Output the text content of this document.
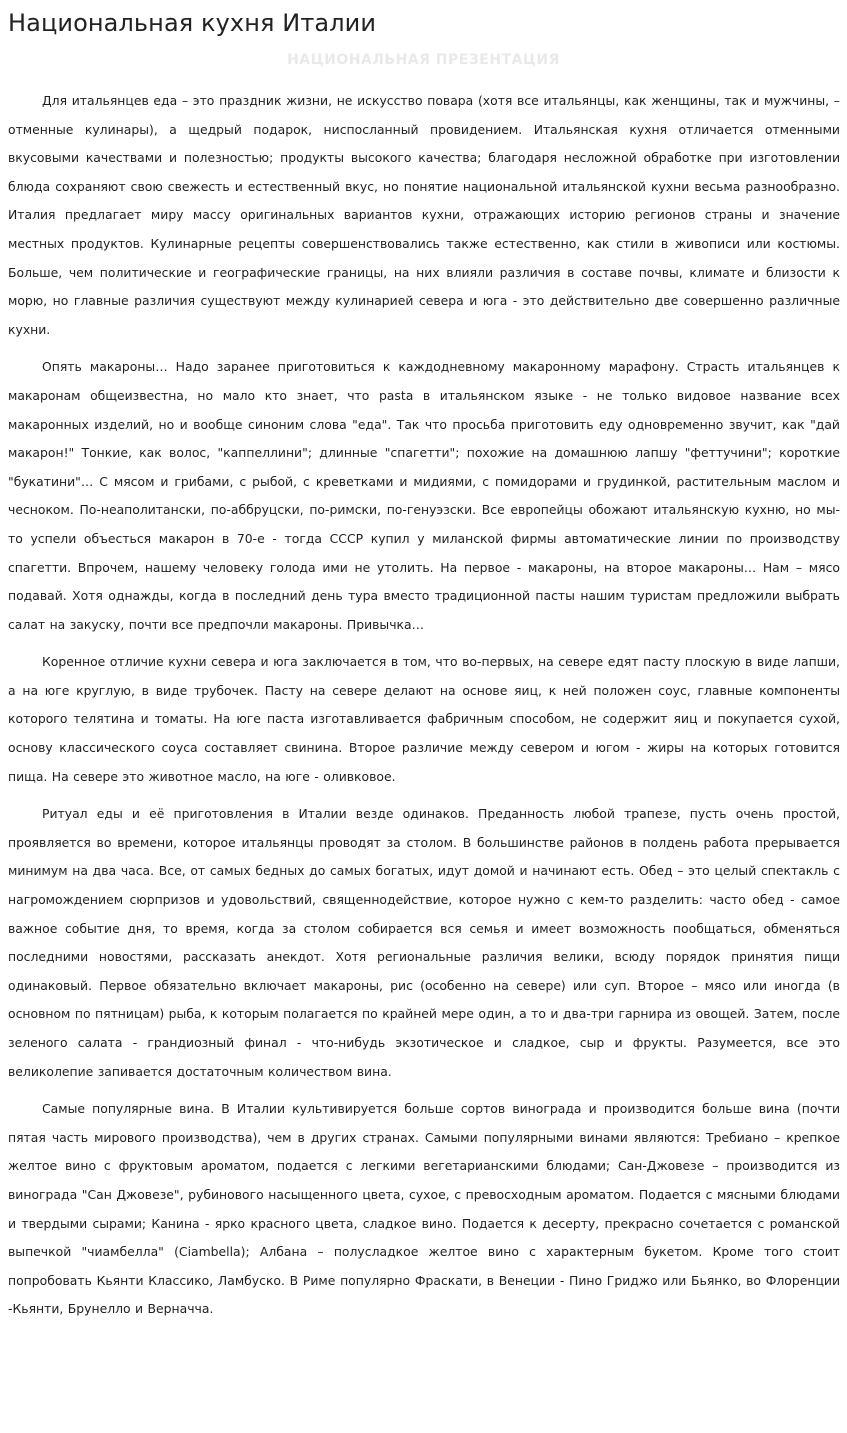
Национальная кухня Италии
НАЦИОНАЛЬНАЯ ПРЕЗЕНТАЦИЯ

Для итальянцев еда – это праздник жизни, не искусство повара (хотя все итальянцы, как женщины, так и мужчины, – отменные кулинары), а щедрый подарок, ниспосланный провидением. Итальянская кухня отличается отменными вкусовыми качествами и полезностью; продукты высокого качества; благодаря несложной обработке при изготовлении блюда сохраняют свою свежесть и естественный вкус, но понятие национальной итальянской кухни весьма разнообразно. Италия предлагает миру массу оригинальных вариантов кухни, отражающих историю регионов страны и значение местных продуктов. Кулинарные рецепты совершенствовались также естественно, как стили в живописи или костюмы. Больше, чем политические и географические границы, на них влияли различия в составе почвы, климате и близости к морю, но главные различия существуют между кулинарией севера и юга - это действительно две совершенно различные кухни.

Опять макароны… Надо заранее приготовиться к каждодневному макаронному марафону. Страсть итальянцев к макаронам общеизвестна, но мало кто знает, что pasta в итальянском языке - не только видовое название всех макаронных изделий, но и вообще синоним слова "еда". Так что просьба приготовить еду одновременно звучит, как "дай макарон!" Тонкие, как волос, "каппеллини"; длинные "спагетти"; похожие на домашнюю лапшу "феттучини"; короткие "букатини"… С мясом и грибами, с рыбой, с креветками и мидиями, с помидорами и грудинкой, растительным маслом и чесноком. По-неаполитански, по-аббруцски, по-римски, по-генуэзски. Все европейцы обожают итальянскую кухню, но мы-то успели объесться макарон в 70-е - тогда СССР купил у миланской фирмы автоматические линии по производству спагетти. Впрочем, нашему человеку голода ими не утолить. На первое - макароны, на второе макароны… Нам – мясо подавай. Хотя однажды, когда в последний день тура вместо традиционной пасты нашим туристам предложили выбрать салат на закуску, почти все предпочли макароны. Привычка…

Коренное отличие кухни севера и юга заключается в том, что во-первых, на севере едят пасту плоскую в виде лапши, а на юге круглую, в виде трубочек. Пасту на севере делают на основе яиц, к ней положен соус, главные компоненты которого телятина и томаты. На юге паста изготавливается фабричным способом, не содержит яиц и покупается сухой, основу классического соуса составляет свинина. Второе различие между севером и югом - жиры на которых готовится пища. На севере это животное масло, на юге - оливковое.

Ритуал еды и её приготовления в Италии везде одинаков. Преданность любой трапезе, пусть очень простой, проявляется во времени, которое итальянцы проводят за столом. В большинстве районов в полдень работа прерывается минимум на два часа. Все, от самых бедных до самых богатых, идут домой и начинают есть. Обед – это целый спектакль с нагромождением сюрпризов и удовольствий, священнодействие, которое нужно с кем-то разделить: часто обед - самое важное событие дня, то время, когда за столом собирается вся семья и имеет возможность пообщаться, обменяться последними новостями, рассказать анекдот. Хотя региональные различия велики, всюду порядок принятия пищи одинаковый. Первое обязательно включает макароны, рис (особенно на севере) или суп. Второе – мясо или иногда (в основном по пятницам) рыба, к которым полагается по крайней мере один, а то и два-три гарнира из овощей. Затем, после зеленого салата - грандиозный финал - что-нибудь экзотическое и сладкое, сыр и фрукты. Разумеется, все это великолепие запивается достаточным количеством вина.

Самые популярные вина. В Италии культивируется больше сортов винограда и производится больше вина (почти пятая часть мирового производства), чем в других странах. Самыми популярными винами являются: Требиано – крепкое желтое вино с фруктовым ароматом, подается с легкими вегетарианскими блюдами; Сан-Джовезе – производится из винограда "Сан Джовезе", рубинового насыщенного цвета, сухое, с превосходным ароматом. Подается с мясными блюдами и твердыми сырами; Канина - ярко красного цвета, сладкое вино. Подается к десерту, прекрасно сочетается с романской выпечкой "чиамбелла" (Ciambella); Албана – полусладкое желтое вино с характерным букетом. Кроме того стоит попробовать Кьянти Классико, Ламбуско. В Риме популярно Фраскати, в Венеции - Пино Гриджо или Бьянко, во Флоренции -Кьянти, Брунелло и Верначча.
